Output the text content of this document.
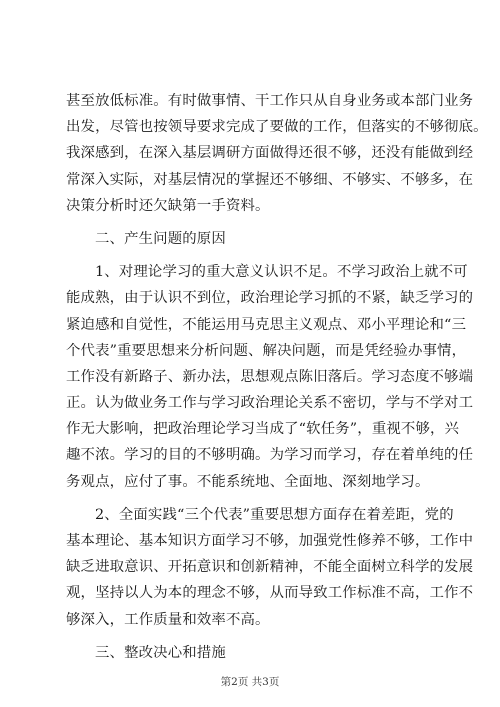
甚至放低标准。有时做事情、干工作只从自身业务或本部门业务
出发，尽管也按领导要求完成了要做的工作，但落实的不够彻底。
我深感到，在深入基层调研方面做得还很不够，还没有能做到经
常深入实际，对基层情况的掌握还不够细、不够实、不够多，在
决策分析时还欠缺第一手资料。
二、产生问题的原因
1、对理论学习的重大意义认识不足。不学习政治上就不可
能成熟，由于认识不到位，政治理论学习抓的不紧，缺乏学习的
紧迫感和自觉性，不能运用马克思主义观点、邓小平理论和“三
个代表”重要思想来分析问题、解决问题，而是凭经验办事情，
工作没有新路子、新办法，思想观点陈旧落后。学习态度不够端
正。认为做业务工作与学习政治理论关系不密切，学与不学对工
作无大影响，把政治理论学习当成了“软任务”，重视不够，兴
趣不浓。学习的目的不够明确。为学习而学习，存在着单纯的任
务观点，应付了事。不能系统地、全面地、深刻地学习。
2、全面实践“三个代表”重要思想方面存在着差距，党的
基本理论、基本知识方面学习不够，加强党性修养不够，工作中
缺乏进取意识、开拓意识和创新精神，不能全面树立科学的发展
观，坚持以人为本的理念不够，从而导致工作标准不高，工作不
够深入，工作质量和效率不高。
三、整改决心和措施
第2页 共3页
